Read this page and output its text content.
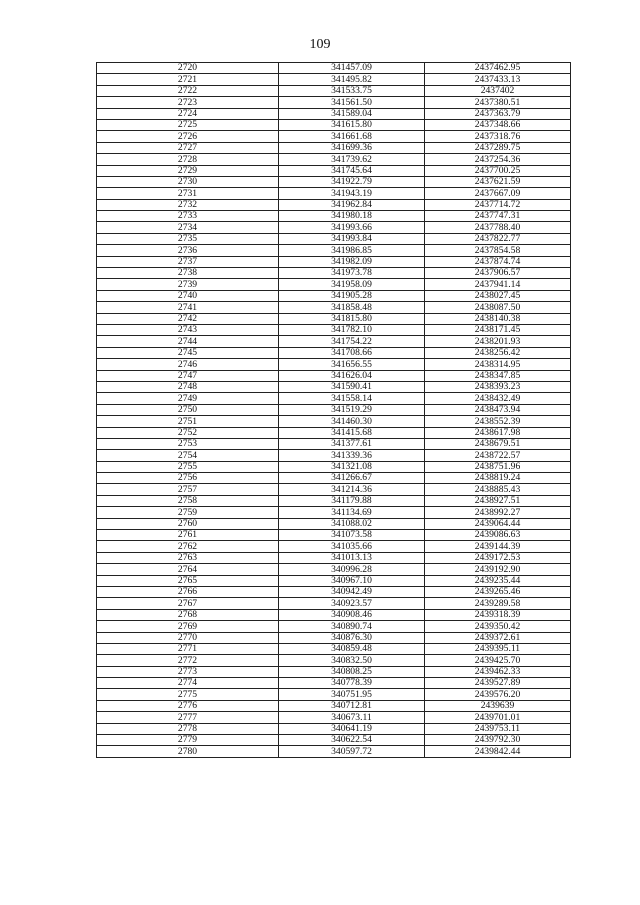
109
2720	341457.09	2437462.95
2721	341495.82	2437433.13
2722	341533.75	2437402
2723	341561.50	2437380.51
2724	341589.04	2437363.79
2725	341615.80	2437348.66
2726	341661.68	2437318.76
2727	341699.36	2437289.75
2728	341739.62	2437254.36
2729	341745.64	2437700.25
2730	341922.79	2437621.59
2731	341943.19	2437667.09
2732	341962.84	2437714.72
2733	341980.18	2437747.31
2734	341993.66	2437788.40
2735	341993.84	2437822.77
2736	341986.85	2437854.58
2737	341982.09	2437874.74
2738	341973.78	2437906.57
2739	341958.09	2437941.14
2740	341905.28	2438027.45
2741	341858.48	2438087.50
2742	341815.80	2438140.38
2743	341782.10	2438171.45
2744	341754.22	2438201.93
2745	341708.66	2438256.42
2746	341656.55	2438314.95
2747	341626.04	2438347.85
2748	341590.41	2438393.23
2749	341558.14	2438432.49
2750	341519.29	2438473.94
2751	341460.30	2438552.39
2752	341415.68	2438617.98
2753	341377.61	2438679.51
2754	341339.36	2438722.57
2755	341321.08	2438751.96
2756	341266.67	2438819.24
2757	341214.36	2438885.43
2758	341179.88	2438927.51
2759	341134.69	2438992.27
2760	341088.02	2439064.44
2761	341073.58	2439086.63
2762	341035.66	2439144.39
2763	341013.13	2439172.53
2764	340996.28	2439192.90
2765	340967.10	2439235.44
2766	340942.49	2439265.46
2767	340923.57	2439289.58
2768	340908.46	2439318.39
2769	340890.74	2439350.42
2770	340876.30	2439372.61
2771	340859.48	2439395.11
2772	340832.50	2439425.70
2773	340808.25	2439462.33
2774	340778.39	2439527.89
2775	340751.95	2439576.20
2776	340712.81	2439639
2777	340673.11	2439701.01
2778	340641.19	2439753.11
2779	340622.54	2439792.30
2780	340597.72	2439842.44
